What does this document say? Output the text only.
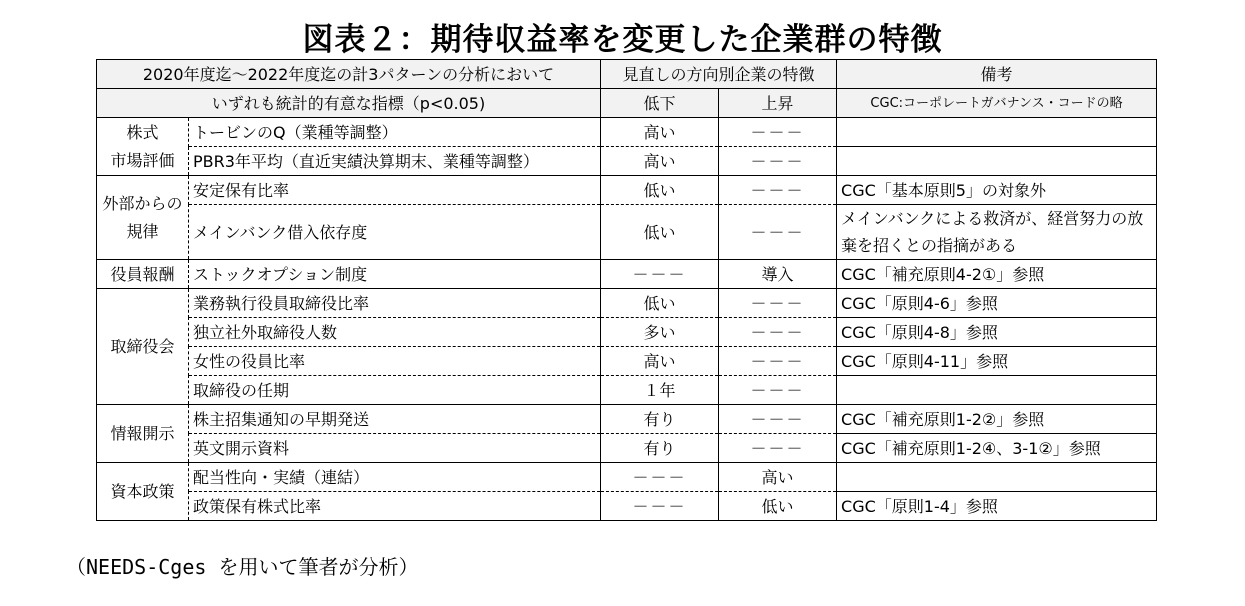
図表２：期待収益率を変更した企業群の特徴
2020年度迄～2022年度迄の計3パターンの分析において		見直しの方向別企業の特徴		備考
いずれも統計的有意な指標（p<0.05)		低下	上昇	CGC:コーポレートガバナンス・コードの略
株式	トービンのQ（業種等調整）	高い	－－－	
市場評価	PBR3年平均（直近実績決算期末、業種等調整）	高い	－－－	
外部からの規律	安定保有比率	低い	－－－	CGC「基本原則5」の対象外
	メインバンク借入依存度	低い	－－－	メインバンクによる救済が、経営努力の放棄を招くとの指摘がある
役員報酬	ストックオプション制度	－－－	導入	CGC「補充原則4-2①」参照
取締役会	業務執行役員取締役比率	低い	－－－	CGC「原則4-6」参照
	独立社外取締役人数	多い	－－－	CGC「原則4-8」参照
	女性の役員比率	高い	－－－	CGC「原則4-11」参照
	取締役の任期	１年	－－－	
情報開示	株主招集通知の早期発送	有り	－－－	CGC「補充原則1-2②」参照
	英文開示資料	有り	－－－	CGC「補充原則1-2④、3-1②」参照
資本政策	配当性向・実績（連結）	－－－	高い	
	政策保有株式比率	－－－	低い	CGC「原則1-4」参照
（NEEDS-Cges を用いて筆者が分析）
